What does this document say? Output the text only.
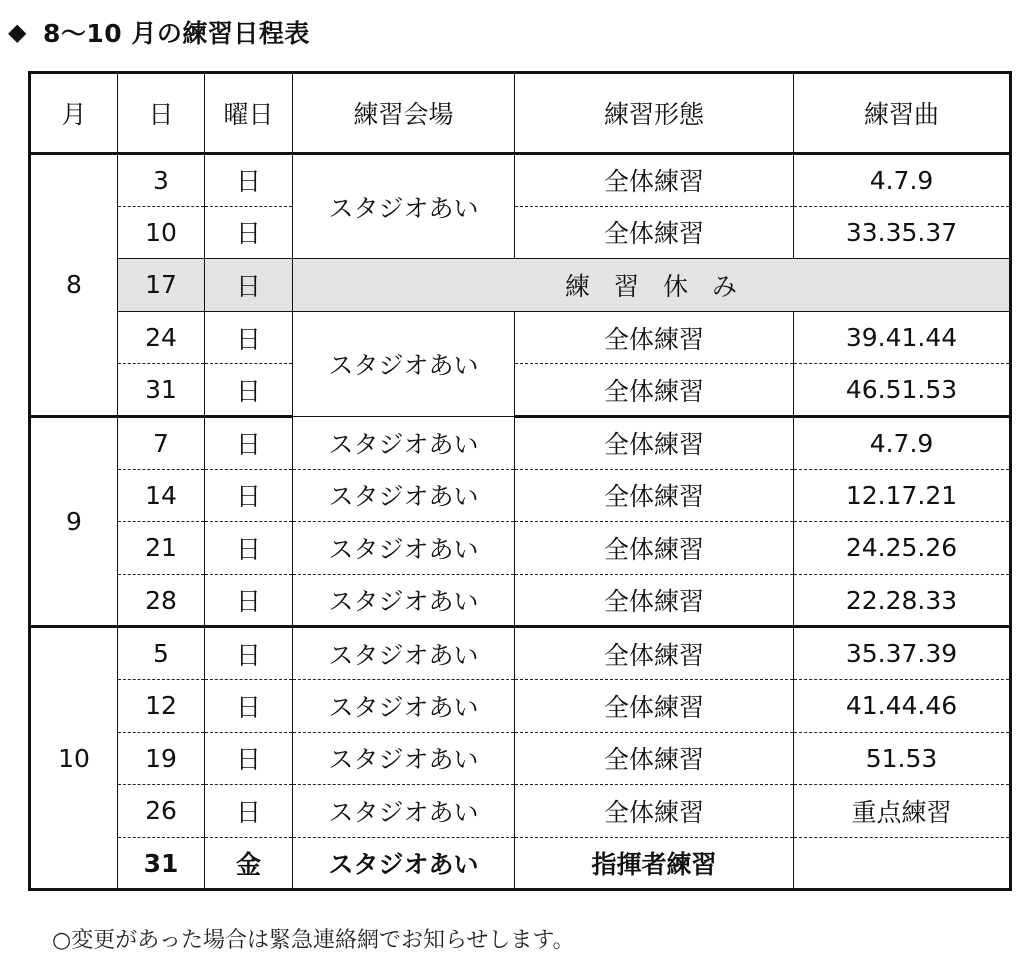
◆ 8〜10 月の練習日程表
月	日	曜日	練習会場	練習形態	練習曲
8	3	日	スタジオあい	全体練習	4.7.9
	10	日		全体練習	33.35.37
	17	日	練習休み		
	24	日	スタジオあい	全体練習	39.41.44
	31	日		全体練習	46.51.53
9	7	日	スタジオあい	全体練習	4.7.9
	14	日	スタジオあい	全体練習	12.17.21
	21	日	スタジオあい	全体練習	24.25.26
	28	日	スタジオあい	全体練習	22.28.33
10	5	日	スタジオあい	全体練習	35.37.39
	12	日	スタジオあい	全体練習	41.44.46
	19	日	スタジオあい	全体練習	51.53
	26	日	スタジオあい	全体練習	重点練習
	31	金	スタジオあい	指揮者練習	
○変更があった場合は緊急連絡網でお知らせします。
